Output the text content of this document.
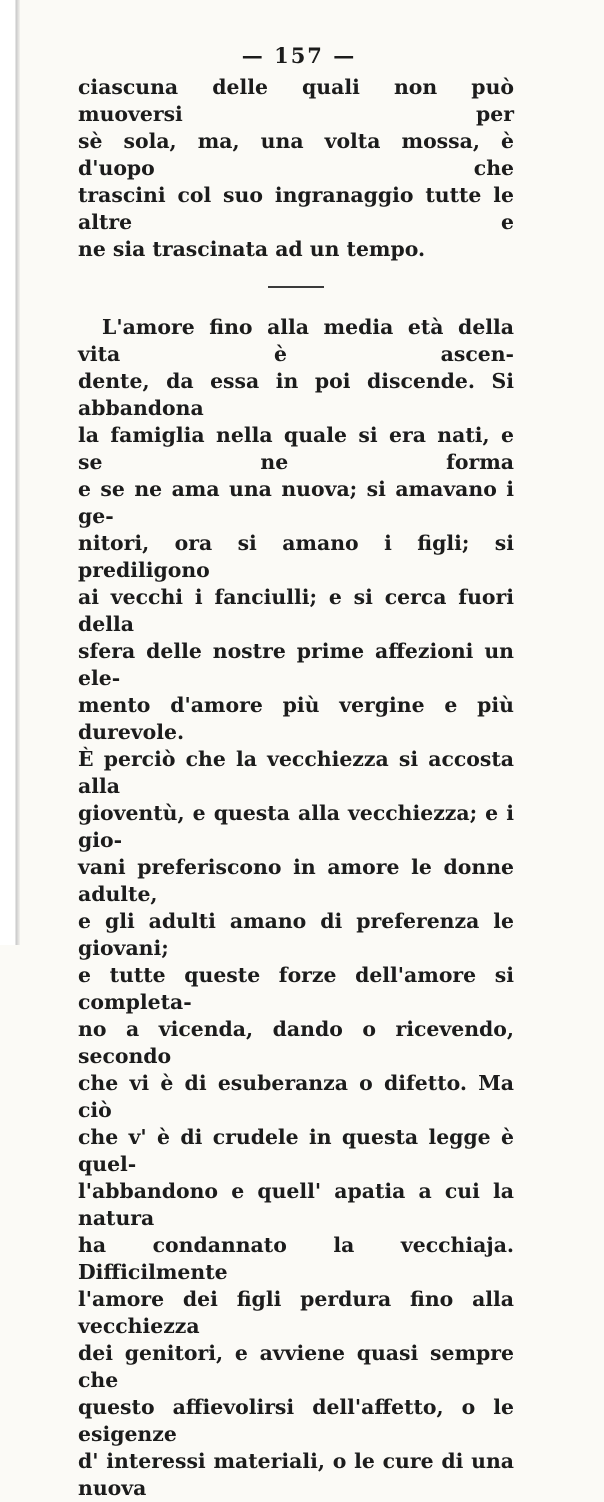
— 157 —

ciascuna delle quali non può muoversi per

sè sola, ma, una volta mossa, è d'uopo che

trascini col suo ingranaggio tutte le altre e

ne sia trascinata ad un tempo.

L'amore fino alla media età della vita è ascen-

dente, da essa in poi discende. Si abbandona

la famiglia nella quale si era nati, e se ne forma

e se ne ama una nuova; si amavano i ge-

nitori, ora si amano i figli; si prediligono

ai vecchi i fanciulli; e si cerca fuori della

sfera delle nostre prime affezioni un ele-

mento d'amore più vergine e più durevole.

È perciò che la vecchiezza si accosta alla

gioventù, e questa alla vecchiezza; e i gio-

vani preferiscono in amore le donne adulte,

e gli adulti amano di preferenza le giovani;

e tutte queste forze dell'amore si completa-

no a vicenda, dando o ricevendo, secondo

che vi è di esuberanza o difetto. Ma ciò

che v' è di crudele in questa legge è quel-

l'abbandono e quell' apatia a cui la natura

ha condannato la vecchiaja. Difficilmente

l'amore dei figli perdura fino alla vecchiezza

dei genitori, e avviene quasi sempre che

questo affievolirsi dell'affetto, o le esigenze

d' interessi materiali, o le cure di una nuova
